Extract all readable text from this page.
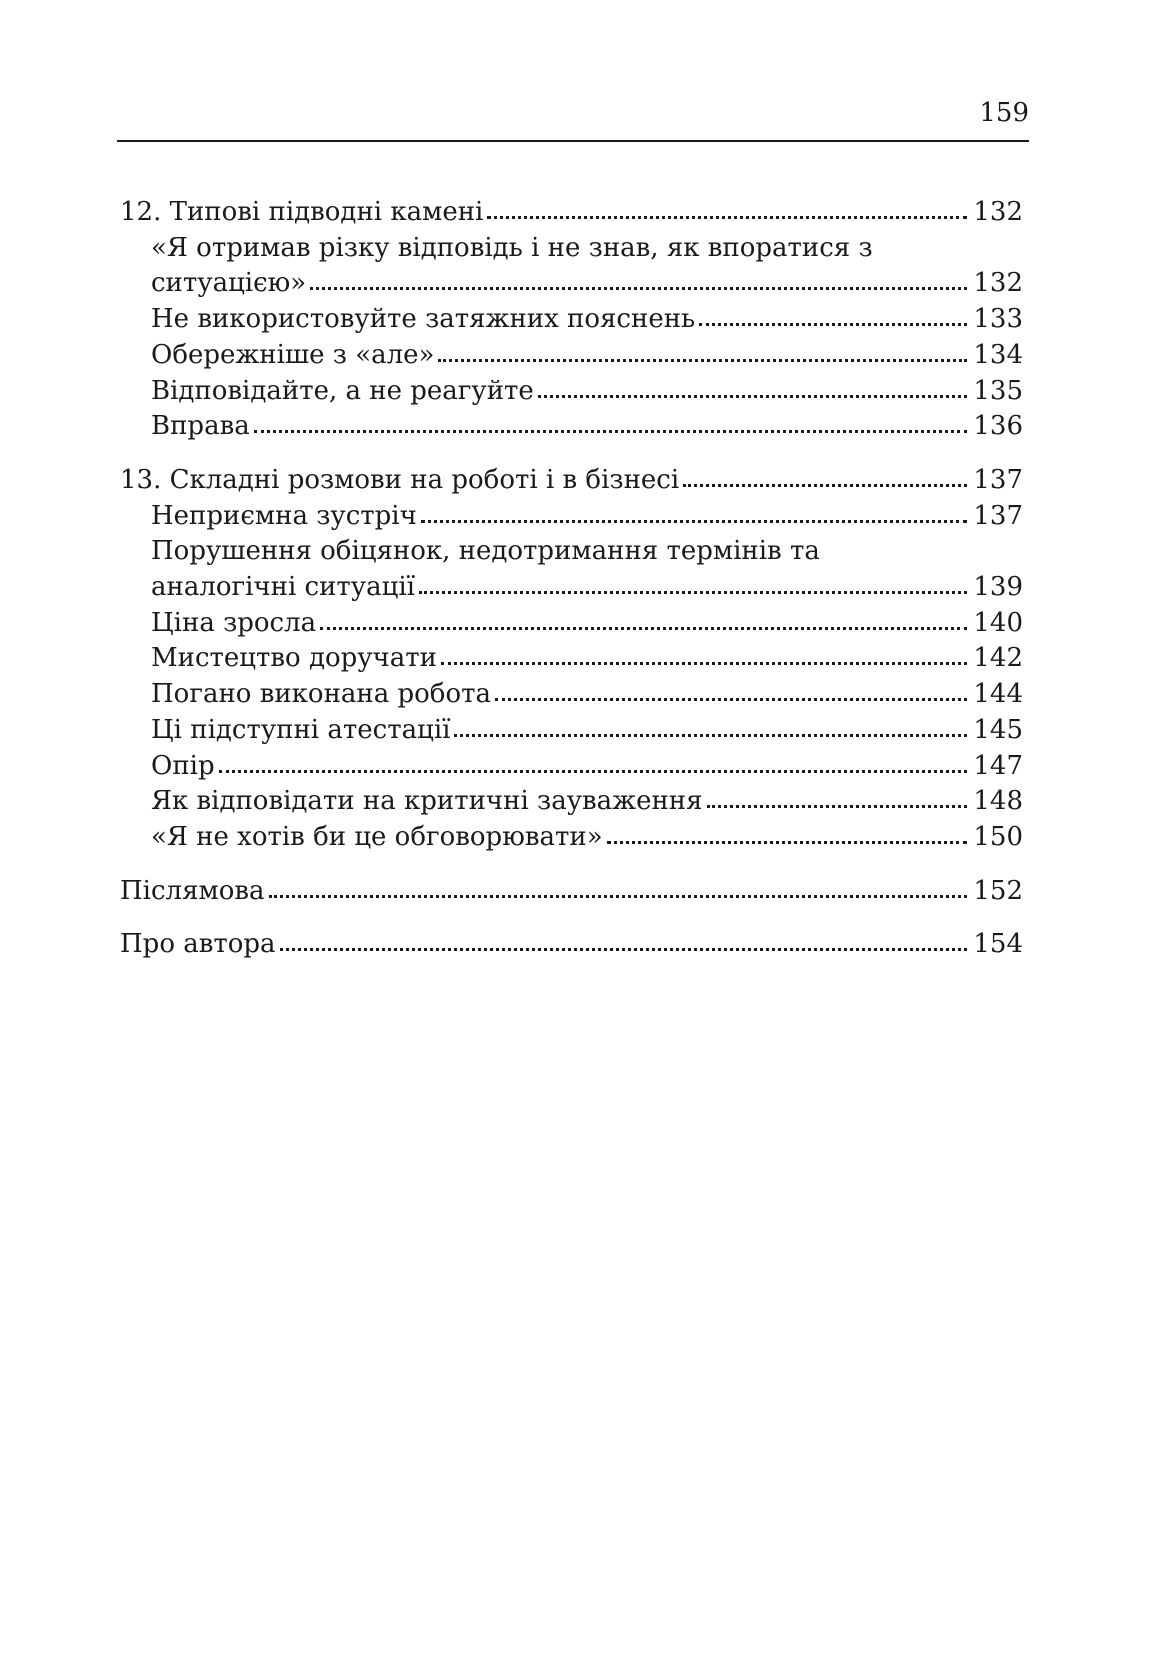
159
12. Типові підводні камені	132
«Я отримав різку відповідь і не знав, як впоратися з
ситуацією»	132
Не використовуйте затяжних пояснень	133
Обережніше з «але»	134
Відповідайте, а не реагуйте	135
Вправа	136
13. Складні розмови на роботі і в бізнесі	137
Неприємна зустріч	137
Порушення обіцянок, недотримання термінів та
аналогічні ситуації	139
Ціна зросла	140
Мистецтво доручати	142
Погано виконана робота	144
Ці підступні атестації	145
Опір	147
Як відповідати на критичні зауваження	148
«Я не хотів би це обговорювати»	150
Післямова	152
Про автора	154
